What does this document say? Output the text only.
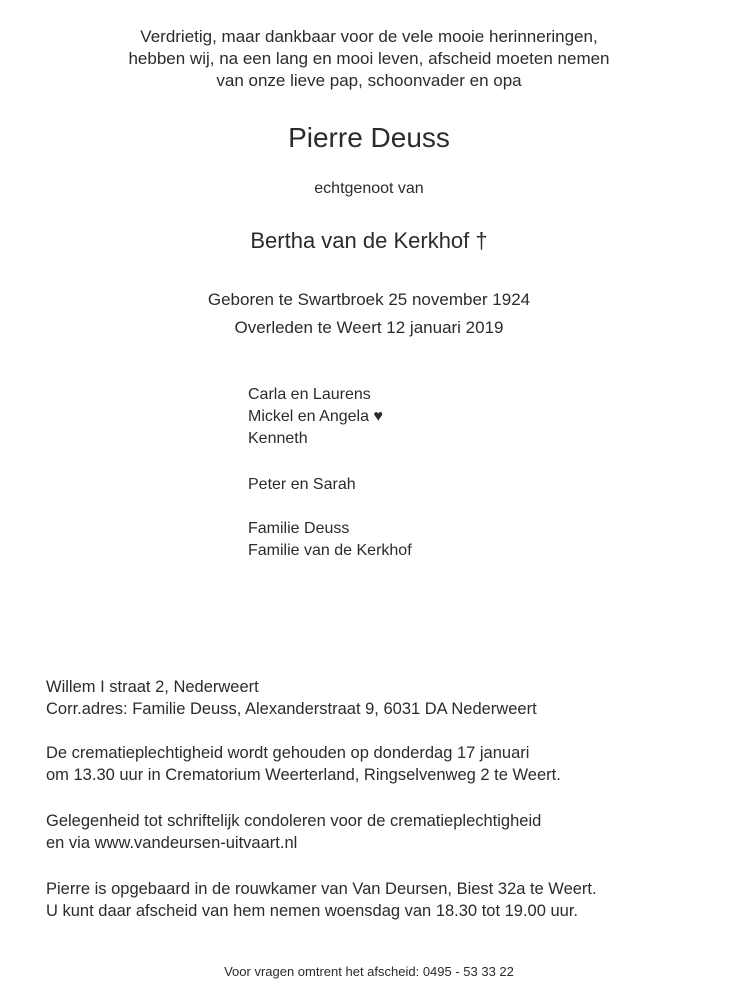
Verdrietig, maar dankbaar voor de vele mooie herinneringen,
hebben wij, na een lang en mooi leven, afscheid moeten nemen
van onze lieve pap, schoonvader en opa
Pierre Deuss
echtgenoot van
Bertha van de Kerkhof †
Geboren te Swartbroek 25 november 1924
Overleden te Weert 12 januari 2019
Carla en Laurens
Mickel en Angela ♥
Kenneth
Peter en Sarah
Familie Deuss
Familie van de Kerkhof
Willem I straat 2, Nederweert
Corr.adres: Familie Deuss, Alexanderstraat 9, 6031 DA Nederweert
De crematieplechtigheid wordt gehouden op donderdag 17 januari
om 13.30 uur in Crematorium Weerterland, Ringselvenweg 2 te Weert.
Gelegenheid tot schriftelijk condoleren voor de crematieplechtigheid
en via www.vandeursen-uitvaart.nl
Pierre is opgebaard in de rouwkamer van Van Deursen, Biest 32a te Weert.
U kunt daar afscheid van hem nemen woensdag van 18.30 tot 19.00 uur.
Voor vragen omtrent het afscheid: 0495 - 53 33 22
